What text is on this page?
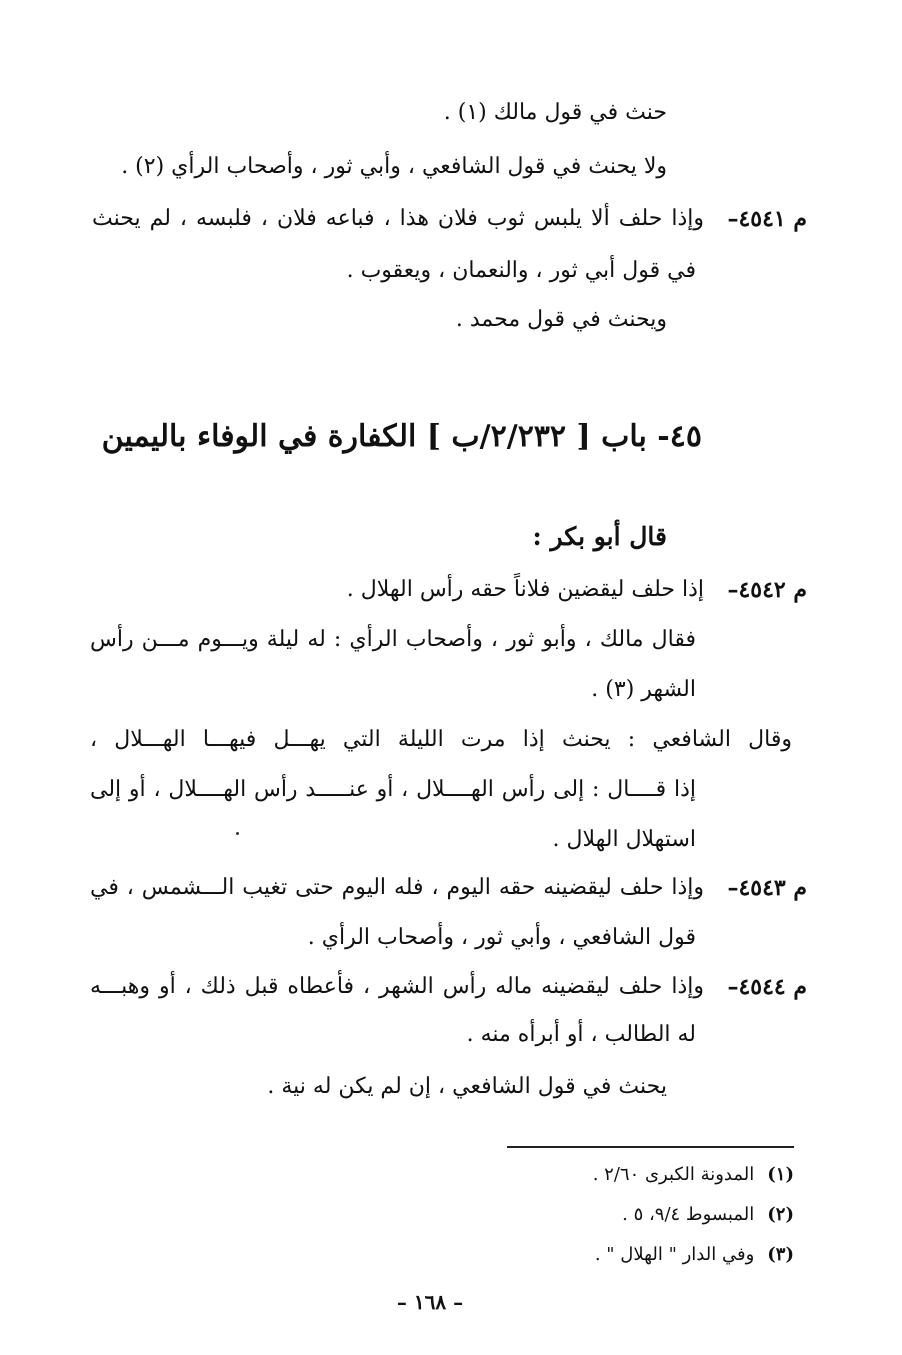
حنث في قول مالك (١) .
ولا يحنث في قول الشافعي ، وأبي ثور ، وأصحاب الرأي (٢) .
م ٤٥٤١–
وإذا حلف ألا يلبس ثوب فلان هذا ، فباعه فلان ، فلبسه ، لم يحنث
في قول أبي ثور ، والنعمان ، ويعقوب .
ويحنث في قول محمد .
٤٥- باب [ ٢/٢٣٢/ب ] الكفارة في الوفاء باليمين
قال أبو بكر :
م ٤٥٤٢–
إذا حلف ليقضين فلاناً حقه رأس الهلال .
فقال مالك ، وأبو ثور ، وأصحاب الرأي : له ليلة ويـــوم مـــن رأس
الشهر (٣) .
وقال الشافعي : يحنث إذا مرت الليلة التي يهـــل فيهـــا الهـــلال ،
إذا قــــال : إلى رأس الهــــلال ، أو عنـــــد رأس الهــــلال ، أو إلى
استهلال الهلال .
م ٤٥٤٣–
وإذا حلف ليقضينه حقه اليوم ، فله اليوم حتى تغيب الـــشمس ، في
قول الشافعي ، وأبي ثور ، وأصحاب الرأي .
م ٤٥٤٤–
وإذا حلف ليقضينه ماله رأس الشهر ، فأعطاه قبل ذلك ، أو وهبـــه
له الطالب ، أو أبرأه منه .
يحنث في قول الشافعي ، إن لم يكن له نية .
(١) المدونة الكبرى ٢/٦٠ .
(٢) المبسوط ٩/٤، ٥ .
(٣) وفي الدار " الهلال " .
– ١٦٨ –
